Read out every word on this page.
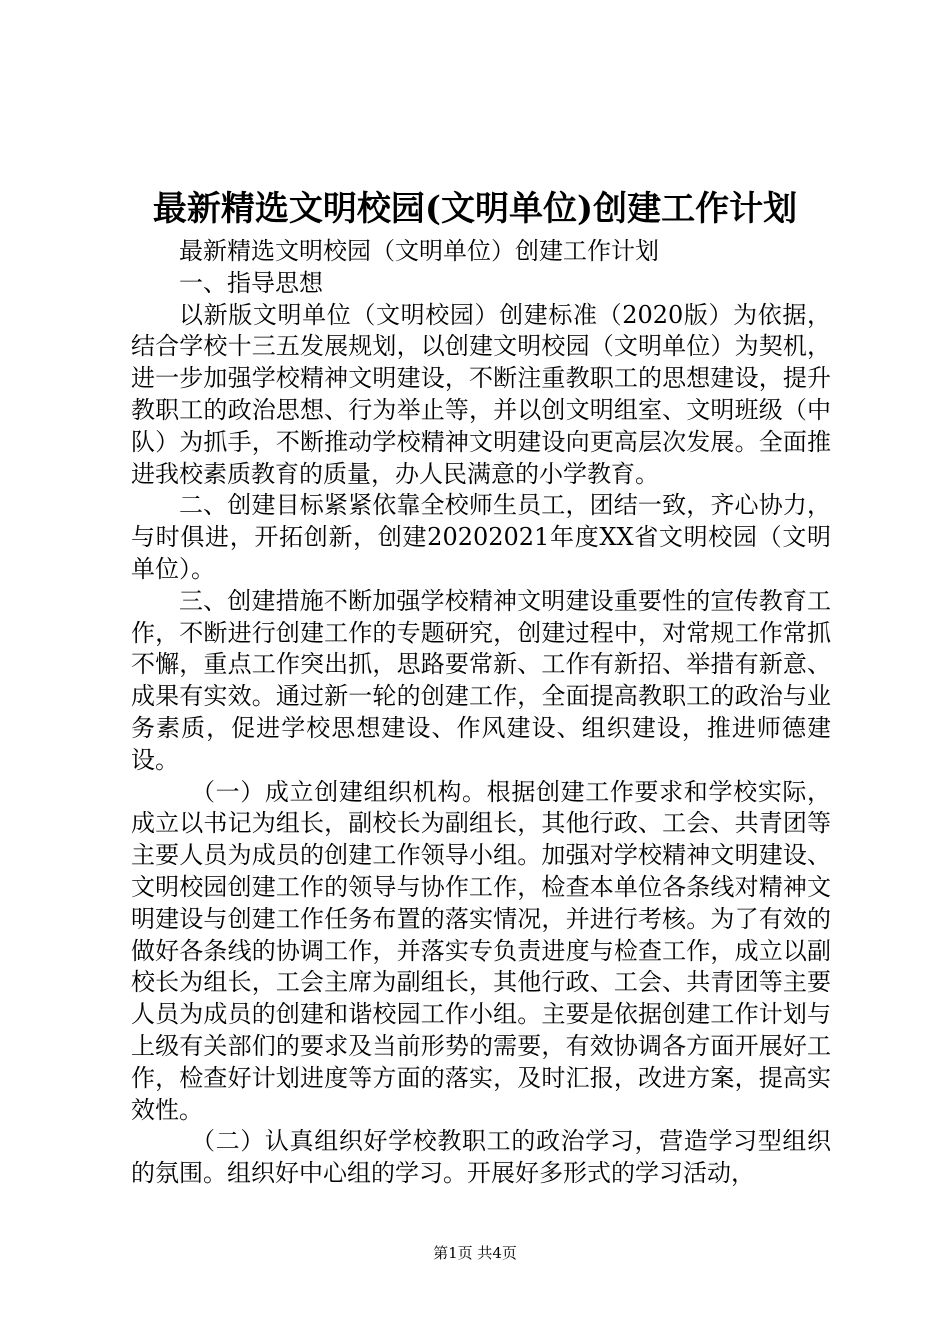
最新精选文明校园(文明单位)创建工作计划

最新精选文明校园（文明单位）创建工作计划

一、指导思想

以新版文明单位（文明校园）创建标准（2020版）为依据，结合学校十三五发展规划，以创建文明校园（文明单位）为契机，进一步加强学校精神文明建设，不断注重教职工的思想建设，提升教职工的政治思想、行为举止等，并以创文明组室、文明班级（中队）为抓手，不断推动学校精神文明建设向更高层次发展。全面推进我校素质教育的质量，办人民满意的小学教育。

二、创建目标紧紧依靠全校师生员工，团结一致，齐心协力，与时俱进，开拓创新，创建20202021年度XX省文明校园（文明单位）。

三、创建措施不断加强学校精神文明建设重要性的宣传教育工作，不断进行创建工作的专题研究，创建过程中，对常规工作常抓不懈，重点工作突出抓，思路要常新、工作有新招、举措有新意、成果有实效。通过新一轮的创建工作，全面提高教职工的政治与业务素质，促进学校思想建设、作风建设、组织建设，推进师德建设。

（一）成立创建组织机构。根据创建工作要求和学校实际，成立以书记为组长，副校长为副组长，其他行政、工会、共青团等主要人员为成员的创建工作领导小组。加强对学校精神文明建设、文明校园创建工作的领导与协作工作，检查本单位各条线对精神文明建设与创建工作任务布置的落实情况，并进行考核。为了有效的做好各条线的协调工作，并落实专负责进度与检查工作，成立以副校长为组长，工会主席为副组长，其他行政、工会、共青团等主要人员为成员的创建和谐校园工作小组。主要是依据创建工作计划与上级有关部们的要求及当前形势的需要，有效协调各方面开展好工作，检查好计划进度等方面的落实，及时汇报，改进方案，提高实效性。

（二）认真组织好学校教职工的政治学习，营造学习型组织的氛围。组织好中心组的学习。开展好多形式的学习活动，

第1页 共4页
